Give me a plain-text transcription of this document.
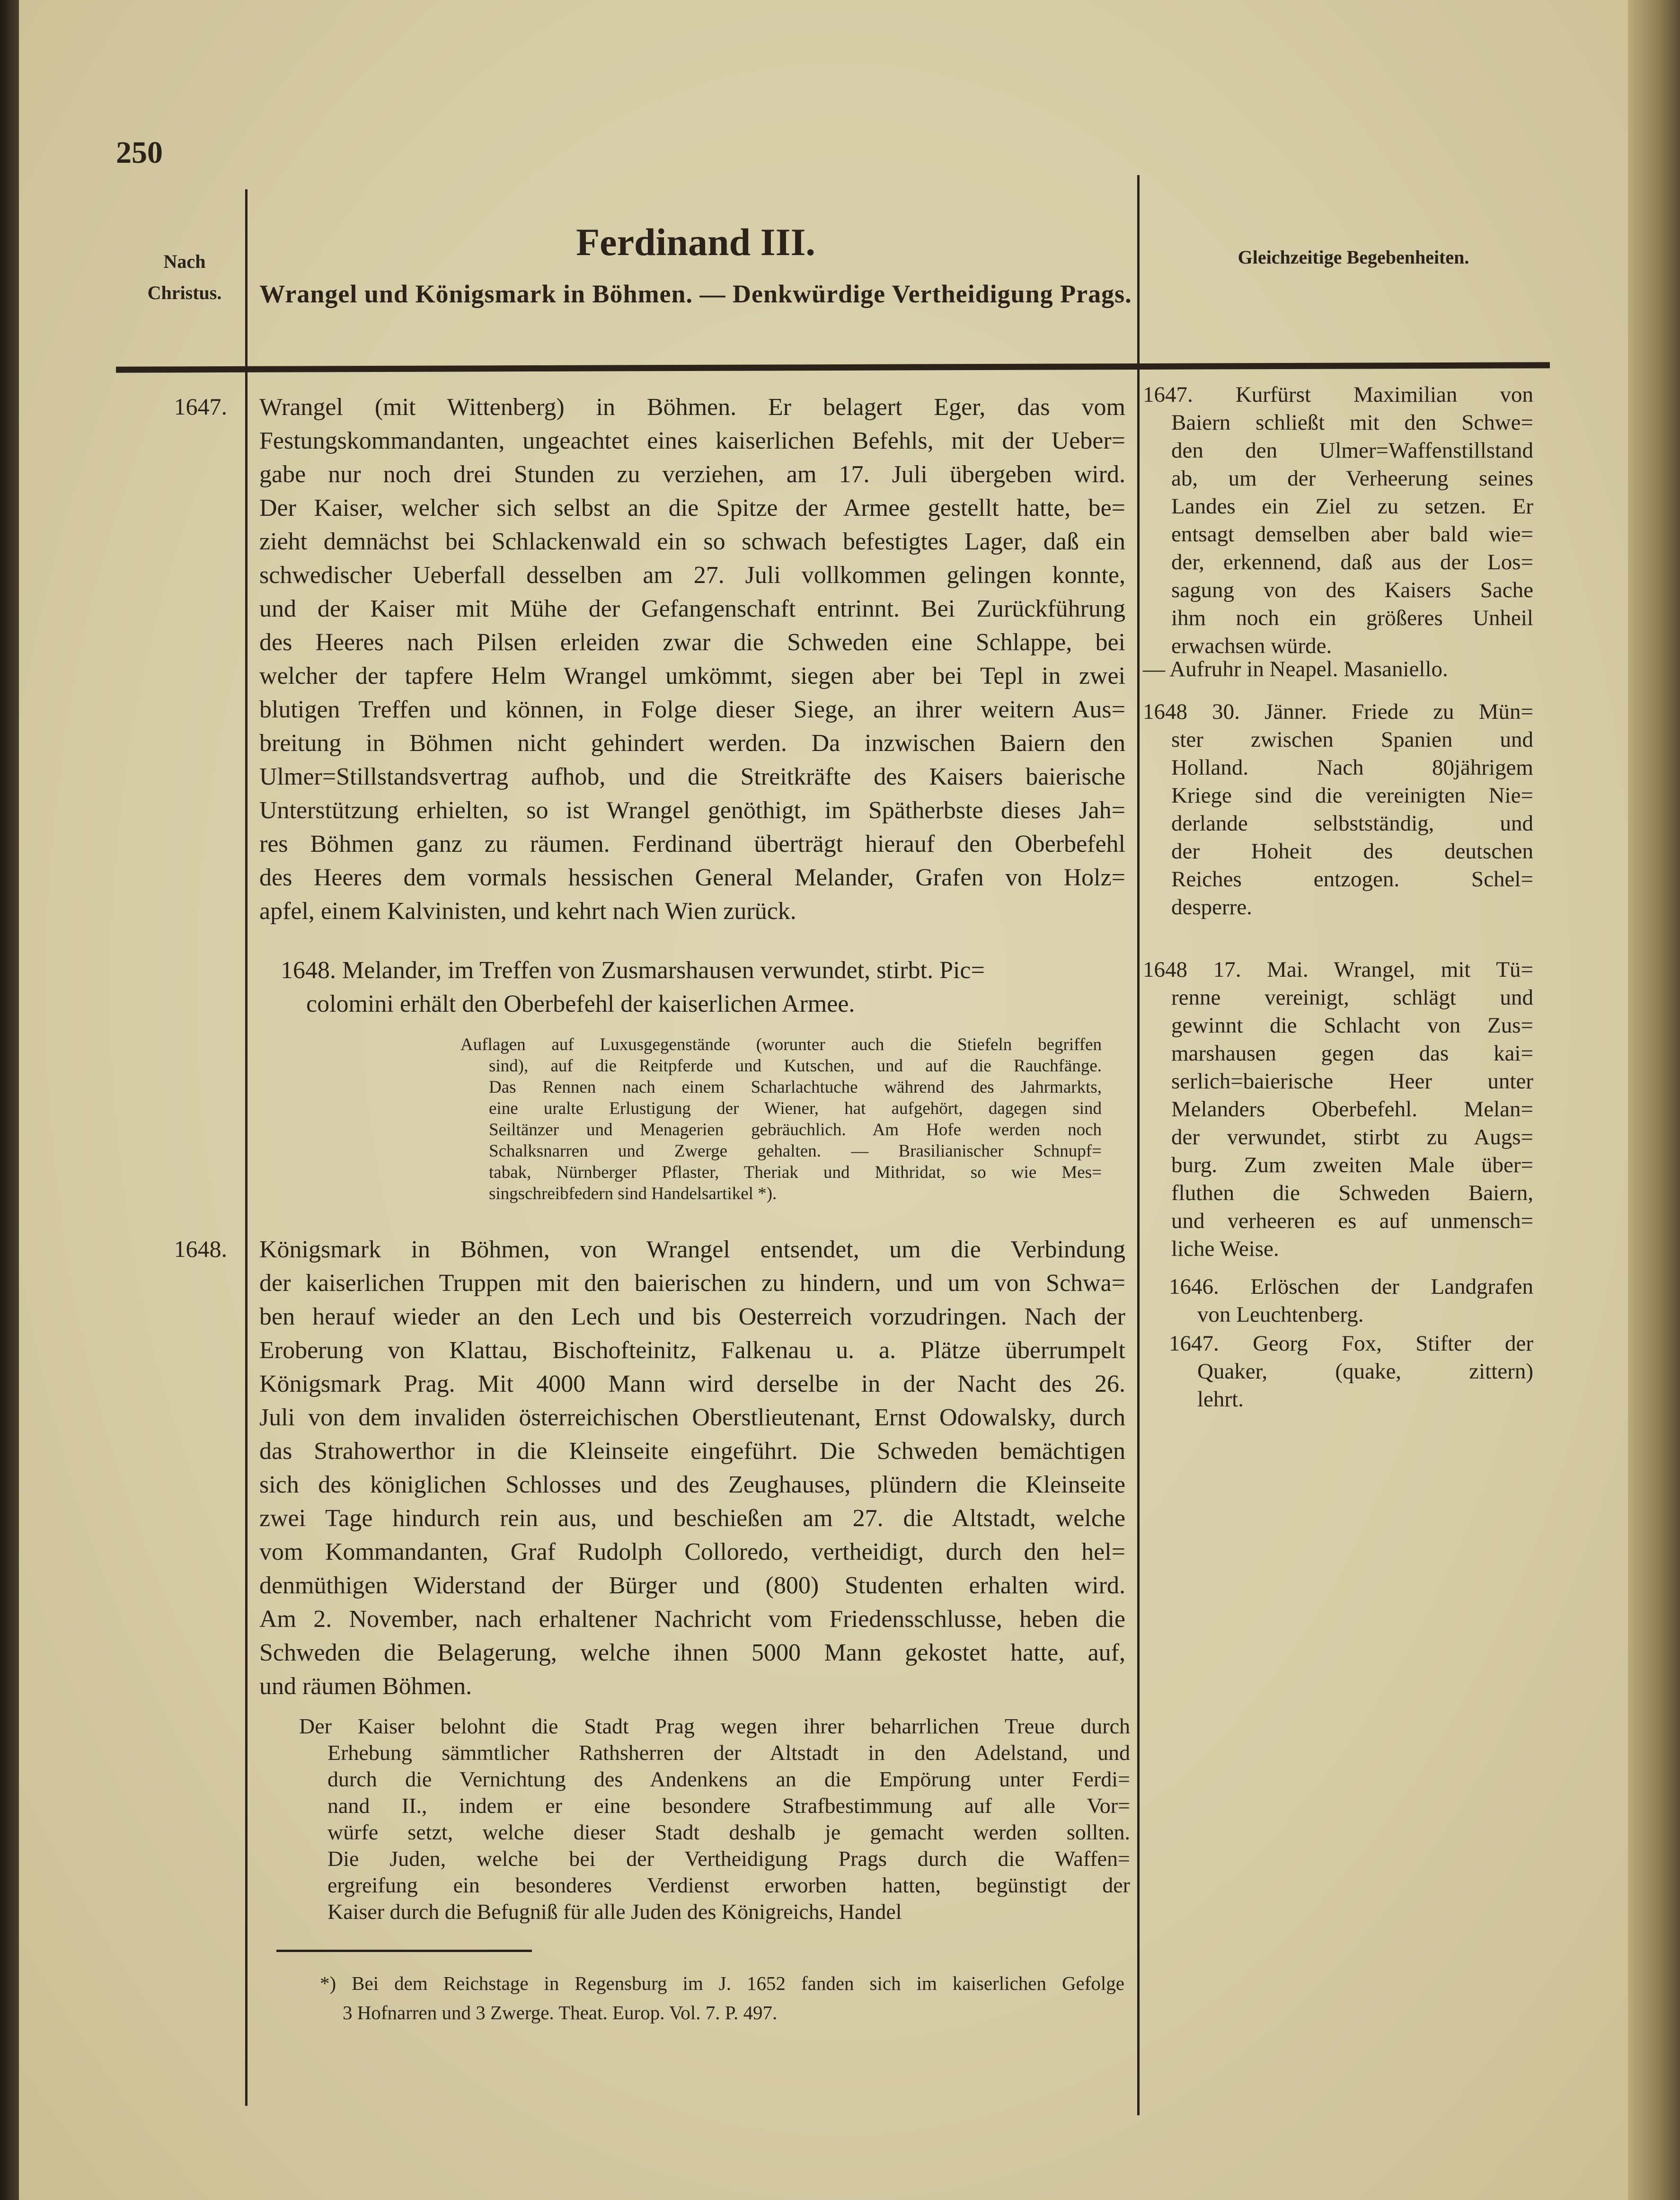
250
Nach
Christus.
Ferdinand III.
Wrangel und Königsmark in Böhmen. — Denkwürdige Vertheidigung Prags.
Gleichzeitige Begebenheiten.
Wrangel (mit Wittenberg) in Böhmen. Er belagert Eger, das vom
Festungskommandanten, ungeachtet eines kaiserlichen Befehls, mit der Ueber=
gabe nur noch drei Stunden zu verziehen, am 17. Juli übergeben wird.
Der Kaiser, welcher sich selbst an die Spitze der Armee gestellt hatte, be=
zieht demnächst bei Schlackenwald ein so schwach befestigtes Lager, daß ein
schwedischer Ueberfall desselben am 27. Juli vollkommen gelingen konnte,
und der Kaiser mit Mühe der Gefangenschaft entrinnt. Bei Zurückführung
des Heeres nach Pilsen erleiden zwar die Schweden eine Schlappe, bei
welcher der tapfere Helm Wrangel umkömmt, siegen aber bei Tepl in zwei
blutigen Treffen und können, in Folge dieser Siege, an ihrer weitern Aus=
breitung in Böhmen nicht gehindert werden. Da inzwischen Baiern den
Ulmer=Stillstandsvertrag aufhob, und die Streitkräfte des Kaisers baierische
Unterstützung erhielten, so ist Wrangel genöthigt, im Spätherbste dieses Jah=
res Böhmen ganz zu räumen. Ferdinand überträgt hierauf den Oberbefehl
des Heeres dem vormals hessischen General Melander, Grafen von Holz=
apfel, einem Kalvinisten, und kehrt nach Wien zurück.
1647.
1648. Melander, im Treffen von Zusmarshausen verwundet, stirbt. Pic=
colomini erhält den Oberbefehl der kaiserlichen Armee.
Auflagen auf Luxusgegenstände (worunter auch die Stiefeln begriffen
sind), auf die Reitpferde und Kutschen, und auf die Rauchfänge.
Das Rennen nach einem Scharlachtuche während des Jahrmarkts,
eine uralte Erlustigung der Wiener, hat aufgehört, dagegen sind
Seiltänzer und Menagerien gebräuchlich. Am Hofe werden noch
Schalksnarren und Zwerge gehalten. — Brasilianischer Schnupf=
tabak, Nürnberger Pflaster, Theriak und Mithridat, so wie Mes=
singschreibfedern sind Handelsartikel *).
Königsmark in Böhmen, von Wrangel entsendet, um die Verbindung
der kaiserlichen Truppen mit den baierischen zu hindern, und um von Schwa=
ben herauf wieder an den Lech und bis Oesterreich vorzudringen. Nach der
Eroberung von Klattau, Bischofteinitz, Falkenau u. a. Plätze überrumpelt
Königsmark Prag. Mit 4000 Mann wird derselbe in der Nacht des 26.
Juli von dem invaliden österreichischen Oberstlieutenant, Ernst Odowalsky, durch
das Strahowerthor in die Kleinseite eingeführt. Die Schweden bemächtigen
sich des königlichen Schlosses und des Zeughauses, plündern die Kleinseite
zwei Tage hindurch rein aus, und beschießen am 27. die Altstadt, welche
vom Kommandanten, Graf Rudolph Colloredo, vertheidigt, durch den hel=
denmüthigen Widerstand der Bürger und (800) Studenten erhalten wird.
Am 2. November, nach erhaltener Nachricht vom Friedensschlusse, heben die
Schweden die Belagerung, welche ihnen 5000 Mann gekostet hatte, auf,
und räumen Böhmen.
1648.
Der Kaiser belohnt die Stadt Prag wegen ihrer beharrlichen Treue durch
Erhebung sämmtlicher Rathsherren der Altstadt in den Adelstand, und
durch die Vernichtung des Andenkens an die Empörung unter Ferdi=
nand II., indem er eine besondere Strafbestimmung auf alle Vor=
würfe setzt, welche dieser Stadt deshalb je gemacht werden sollten.
Die Juden, welche bei der Vertheidigung Prags durch die Waffen=
ergreifung ein besonderes Verdienst erworben hatten, begünstigt der
Kaiser durch die Befugniß für alle Juden des Königreichs, Handel
1647. Kurfürst Maximilian von
Baiern schließt mit den Schwe=
den den Ulmer=Waffenstillstand
ab, um der Verheerung seines
Landes ein Ziel zu setzen. Er
entsagt demselben aber bald wie=
der, erkennend, daß aus der Los=
sagung von des Kaisers Sache
ihm noch ein größeres Unheil
erwachsen würde.
— Aufruhr in Neapel. Masaniello.
1648 30. Jänner. Friede zu Mün=
ster zwischen Spanien und
Holland. Nach 80jährigem
Kriege sind die vereinigten Nie=
derlande selbstständig, und
der Hoheit des deutschen
Reiches entzogen. Schel=
desperre.
1648 17. Mai. Wrangel, mit Tü=
renne vereinigt, schlägt und
gewinnt die Schlacht von Zus=
marshausen gegen das kai=
serlich=baierische Heer unter
Melanders Oberbefehl. Melan=
der verwundet, stirbt zu Augs=
burg. Zum zweiten Male über=
fluthen die Schweden Baiern,
und verheeren es auf unmensch=
liche Weise.
1646. Erlöschen der Landgrafen
von Leuchtenberg.
1647. Georg Fox, Stifter der
Quaker, (quake, zittern)
lehrt.
*) Bei dem Reichstage in Regensburg im J. 1652 fanden sich im kaiserlichen Gefolge
3 Hofnarren und 3 Zwerge. Theat. Europ. Vol. 7. P. 497.
